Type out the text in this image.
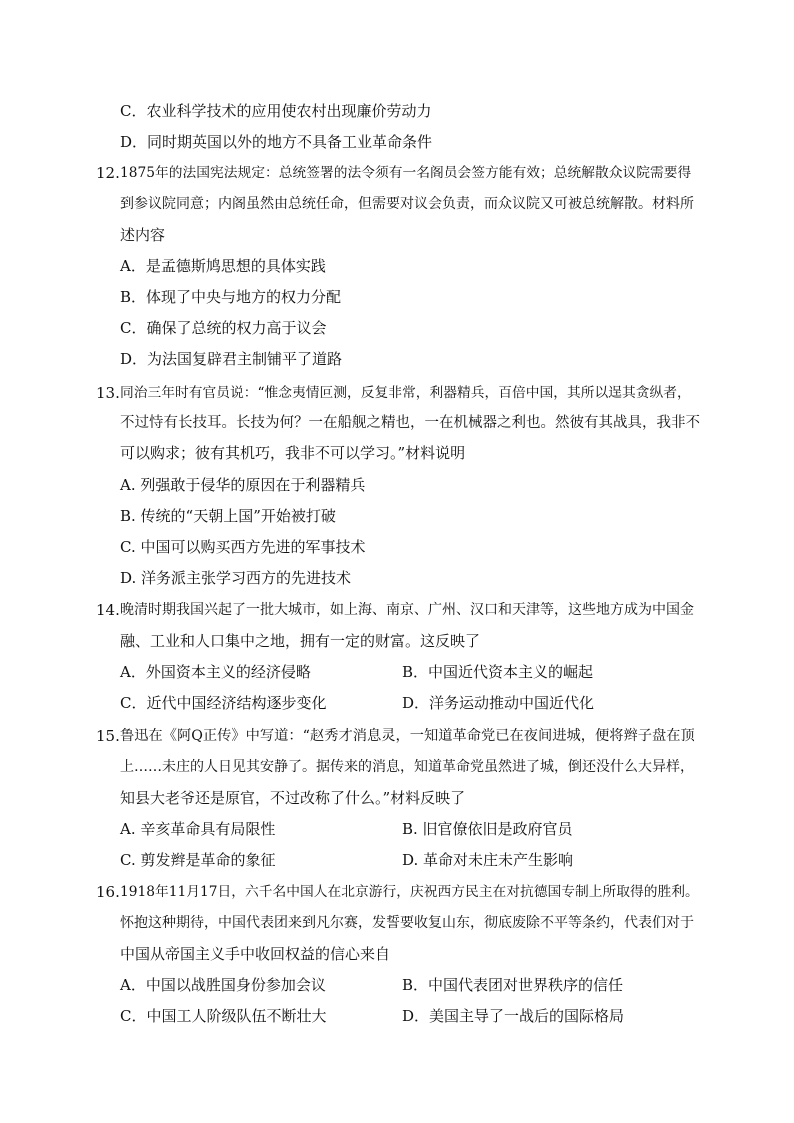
C．农业科学技术的应用使农村出现廉价劳动力
D．同时期英国以外的地方不具备工业革命条件
12. 1875年的法国宪法规定：总统签署的法令须有一名阁员会签方能有效；总统解散众议院需要得
到参议院同意；内阁虽然由总统任命，但需要对议会负责，而众议院又可被总统解散。材料所
述内容
A．是孟德斯鸠思想的具体实践
B．体现了中央与地方的权力分配
C．确保了总统的权力高于议会
D．为法国复辟君主制铺平了道路
13. 同治三年时有官员说：“惟念夷情叵测，反复非常，利器精兵，百倍中国，其所以逞其贪纵者，
不过恃有长技耳。长技为何？一在船舰之精也，一在机械器之利也。然彼有其战具，我非不
可以购求；彼有其机巧，我非不可以学习。”材料说明
A. 列强敢于侵华的原因在于利器精兵
B. 传统的“天朝上国”开始被打破
C. 中国可以购买西方先进的军事技术
D. 洋务派主张学习西方的先进技术
14. 晚清时期我国兴起了一批大城市，如上海、南京、广州、汉口和天津等，这些地方成为中国金
融、工业和人口集中之地，拥有一定的财富。这反映了
A．外国资本主义的经济侵略	B．中国近代资本主义的崛起
C．近代中国经济结构逐步变化	D．洋务运动推动中国近代化
15. 鲁迅在《阿Q正传》中写道：“赵秀才消息灵，一知道革命党已在夜间进城，便将辫子盘在顶
上……未庄的人日见其安静了。据传来的消息，知道革命党虽然进了城，倒还没什么大异样，
知县大老爷还是原官，不过改称了什么。”材料反映了
A. 辛亥革命具有局限性	B. 旧官僚依旧是政府官员
C. 剪发辫是革命的象征	D. 革命对未庄未产生影响
16. 1918年11月17日，六千名中国人在北京游行，庆祝西方民主在对抗德国专制上所取得的胜利。
怀抱这种期待，中国代表团来到凡尔赛，发誓要收复山东，彻底废除不平等条约，代表们对于
中国从帝国主义手中收回权益的信心来自
A．中国以战胜国身份参加会议	B．中国代表团对世界秩序的信任
C．中国工人阶级队伍不断壮大	D．美国主导了一战后的国际格局
